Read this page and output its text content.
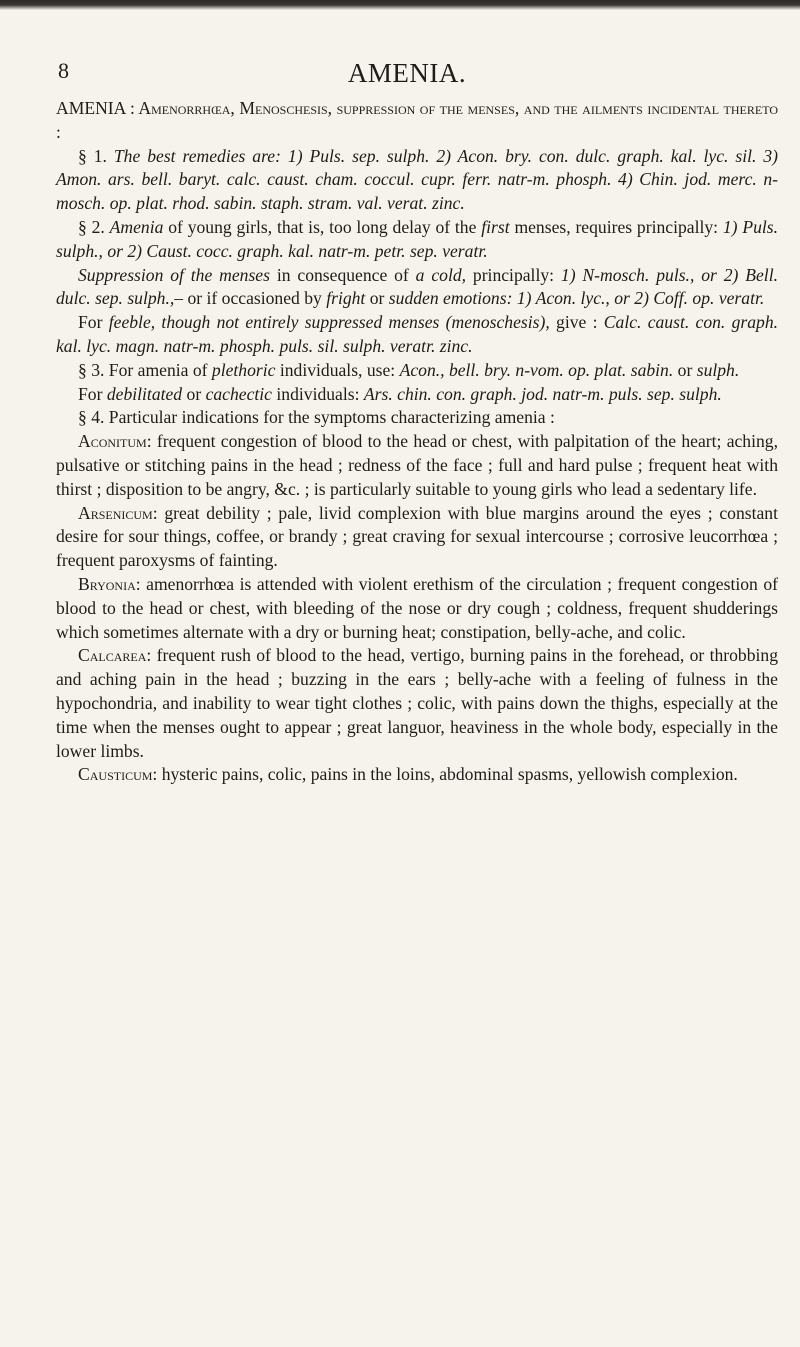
8	AMENIA.

AMENIA : Amenorrhœa, Menoschesis, suppression of the menses, and the ailments incidental thereto :

§ 1. The best remedies are: 1) Puls. sep. sulph. 2) Acon. bry. con. dulc. graph. kal. lyc. sil. 3) Amon. ars. bell. baryt. calc. caust. cham. coccul. cupr. ferr. natr-m. phosph. 4) Chin. jod. merc. n-mosch. op. plat. rhod. sabin. staph. stram. val. verat. zinc.

§ 2. Amenia of young girls, that is, too long delay of the first menses, requires principally: 1) Puls. sulph., or 2) Caust. cocc. graph. kal. natr-m. petr. sep. veratr.

Suppression of the menses in consequence of a cold, principally: 1) N-mosch. puls., or 2) Bell. dulc. sep. sulph.,– or if occasioned by fright or sudden emotions: 1) Acon. lyc., or 2) Coff. op. veratr.

For feeble, though not entirely suppressed menses (menoschesis), give : Calc. caust. con. graph. kal. lyc. magn. natr-m. phosph. puls. sil. sulph. veratr. zinc.

§ 3. For amenia of plethoric individuals, use: Acon., bell. bry. n-vom. op. plat. sabin. or sulph.

For debilitated or cachectic individuals: Ars. chin. con. graph. jod. natr-m. puls. sep. sulph.

§ 4. Particular indications for the symptoms characterizing amenia :

Aconitum: frequent congestion of blood to the head or chest, with palpitation of the heart; aching, pulsative or stitching pains in the head ; redness of the face ; full and hard pulse ; frequent heat with thirst ; disposition to be angry, &c. ; is particularly suitable to young girls who lead a sedentary life.

Arsenicum: great debility ; pale, livid complexion with blue margins around the eyes ; constant desire for sour things, coffee, or brandy ; great craving for sexual intercourse ; corrosive leucorrhœa ; frequent paroxysms of fainting.

Bryonia: amenorrhœa is attended with violent erethism of the circulation ; frequent congestion of blood to the head or chest, with bleeding of the nose or dry cough ; coldness, frequent shudderings which sometimes alternate with a dry or burning heat; constipation, belly-ache, and colic.

Calcarea: frequent rush of blood to the head, vertigo, burning pains in the forehead, or throbbing and aching pain in the head ; buzzing in the ears ; belly-ache with a feeling of fulness in the hypochondria, and inability to wear tight clothes ; colic, with pains down the thighs, especially at the time when the menses ought to appear ; great languor, heaviness in the whole body, especially in the lower limbs.

Causticum: hysteric pains, colic, pains in the loins, abdominal spasms, yellowish complexion.
